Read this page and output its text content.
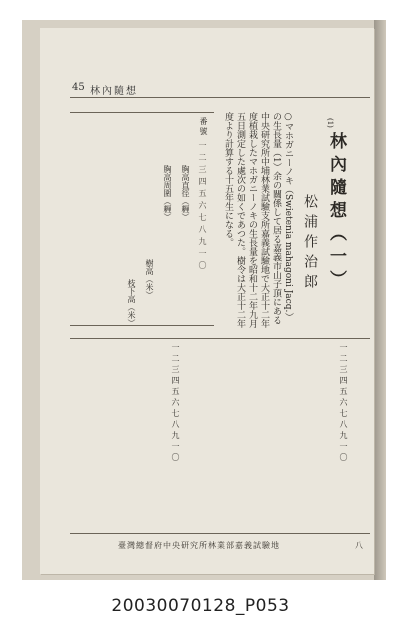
45 林內隨想
(1)
林內隨想（一）
松浦作治郎
○マホガニーノキ（Swietenia mahagoni Jacq.）の生長量（1）余の關係して居る嘉義市山子頂にある中央研究所中埔林業試驗支所嘉義試驗地で大正十二年度植栽したマホガニーノキの生長量を昭和十二年九月五日測定した處次の如くであつた。樹令は大正十二年度より計算する十五年生になる。
番號
胸高直徑（糎）
胸高周圍（糎）
樹高（米）
枝下高（米）
一二三四五六七八九一〇
一二三四五六七八九一〇
一二三四五六七八九一〇
臺灣總督府中央研究所林業部嘉義試驗地	八
20030070128_P053
